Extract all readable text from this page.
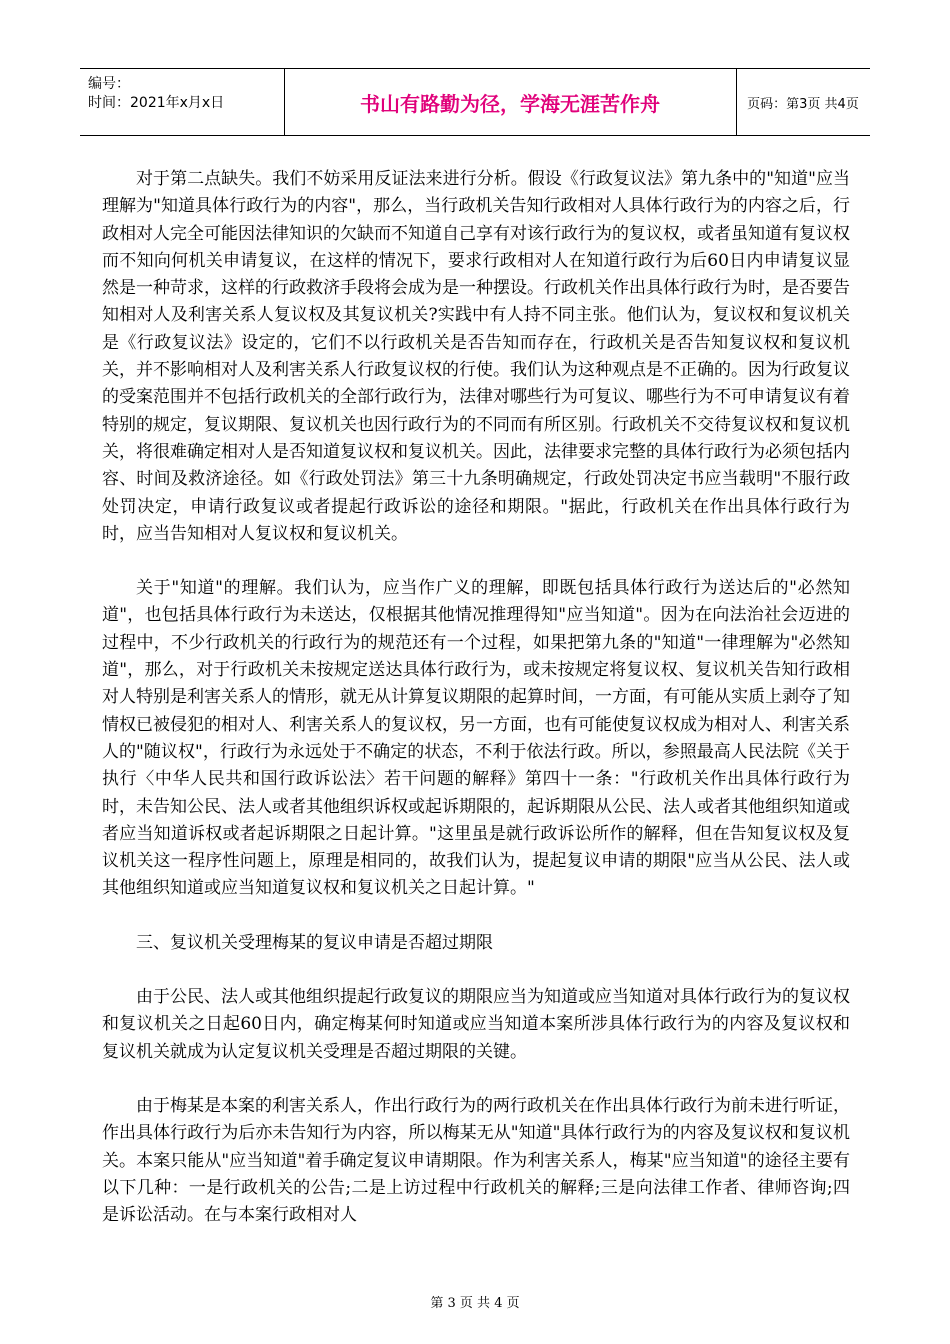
编号：
时间：2021年x月x日	书山有路勤为径，学海无涯苦作舟	页码：第3页 共4页

对于第二点缺失。我们不妨采用反证法来进行分析。假设《行政复议法》第九条中的"知道"应当理解为"知道具体行政行为的内容"，那么，当行政机关告知行政相对人具体行政行为的内容之后，行政相对人完全可能因法律知识的欠缺而不知道自己享有对该行政行为的复议权，或者虽知道有复议权而不知向何机关申请复议，在这样的情况下，要求行政相对人在知道行政行为后60日内申请复议显然是一种苛求，这样的行政救济手段将会成为是一种摆设。行政机关作出具体行政行为时，是否要告知相对人及利害关系人复议权及其复议机关?实践中有人持不同主张。他们认为，复议权和复议机关是《行政复议法》设定的，它们不以行政机关是否告知而存在，行政机关是否告知复议权和复议机关，并不影响相对人及利害关系人行政复议权的行使。我们认为这种观点是不正确的。因为行政复议的受案范围并不包括行政机关的全部行政行为，法律对哪些行为可复议、哪些行为不可申请复议有着特别的规定，复议期限、复议机关也因行政行为的不同而有所区别。行政机关不交待复议权和复议机关，将很难确定相对人是否知道复议权和复议机关。因此，法律要求完整的具体行政行为必须包括内容、时间及救济途径。如《行政处罚法》第三十九条明确规定，行政处罚决定书应当载明"不服行政处罚决定，申请行政复议或者提起行政诉讼的途径和期限。"据此，行政机关在作出具体行政行为时，应当告知相对人复议权和复议机关。

关于"知道"的理解。我们认为，应当作广义的理解，即既包括具体行政行为送达后的"必然知道"，也包括具体行政行为未送达，仅根据其他情况推理得知"应当知道"。因为在向法治社会迈进的过程中，不少行政机关的行政行为的规范还有一个过程，如果把第九条的"知道"一律理解为"必然知道"，那么，对于行政机关未按规定送达具体行政行为，或未按规定将复议权、复议机关告知行政相对人特别是利害关系人的情形，就无从计算复议期限的起算时间，一方面，有可能从实质上剥夺了知情权已被侵犯的相对人、利害关系人的复议权，另一方面，也有可能使复议权成为相对人、利害关系人的"随议权"，行政行为永远处于不确定的状态，不利于依法行政。所以，参照最高人民法院《关于执行〈中华人民共和国行政诉讼法〉若干问题的解释》第四十一条："行政机关作出具体行政行为时，未告知公民、法人或者其他组织诉权或起诉期限的，起诉期限从公民、法人或者其他组织知道或者应当知道诉权或者起诉期限之日起计算。"这里虽是就行政诉讼所作的解释，但在告知复议权及复议机关这一程序性问题上，原理是相同的，故我们认为，提起复议申请的期限"应当从公民、法人或其他组织知道或应当知道复议权和复议机关之日起计算。"

三、复议机关受理梅某的复议申请是否超过期限

由于公民、法人或其他组织提起行政复议的期限应当为知道或应当知道对具体行政行为的复议权和复议机关之日起60日内，确定梅某何时知道或应当知道本案所涉具体行政行为的内容及复议权和复议机关就成为认定复议机关受理是否超过期限的关键。

由于梅某是本案的利害关系人，作出行政行为的两行政机关在作出具体行政行为前未进行听证，作出具体行政行为后亦未告知行为内容，所以梅某无从"知道"具体行政行为的内容及复议权和复议机关。本案只能从"应当知道"着手确定复议申请期限。作为利害关系人，梅某"应当知道"的途径主要有以下几种：一是行政机关的公告;二是上访过程中行政机关的解释;三是向法律工作者、律师咨询;四是诉讼活动。在与本案行政相对人

第 3 页 共 4 页
